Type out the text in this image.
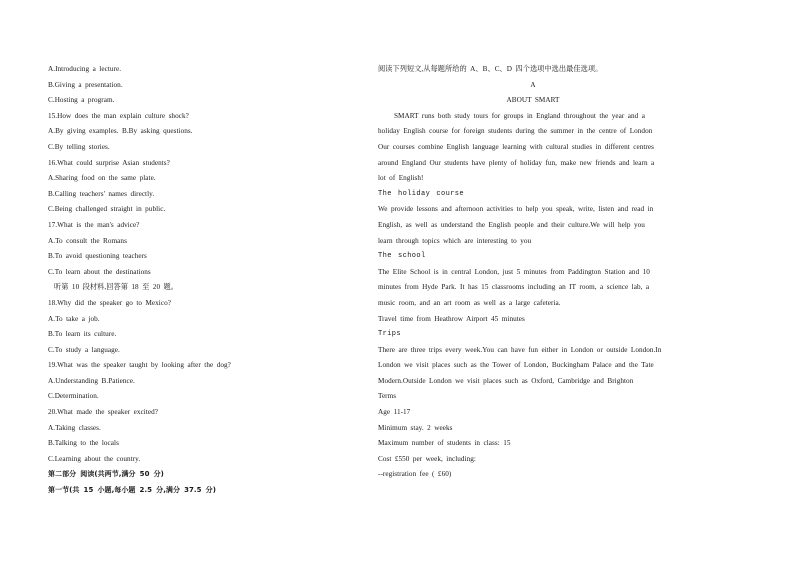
A.Introducing a lecture.
B.Giving a presentation.
C.Hosting a program.
15.How does the man explain culture shock?
A.By giving examples. B.By asking questions.
C.By telling stories.
16.What could surprise Asian students?
A.Sharing food on the same plate.
B.Calling teachers' names directly.
C.Being challenged straight in public.
17.What is the man's advice?
A.To consult the Romans
B.To avoid questioning teachers
C.To learn about the destinations
听第 10 段材料,回答第 18 至 20 题。
18.Why did the speaker go to Mexico?
A.To take a job.
B.To learn its culture.
C.To study a language.
19.What was the speaker taught by looking after the dog?
A.Understanding B.Patience.
C.Determination.
20.What made the speaker excited?
A.Taking classes.
B.Talking to the locals
C.Learning about the country.
第二部分 阅读(共两节,满分 50 分)
第一节(共 15 小题,每小题 2.5 分,满分 37.5 分)
阅读下列短文,从每题所给的 A、B、C、D 四个选项中选出最佳选项。
A
ABOUT SMART
SMART runs both study tours for groups in England throughout the year and a
holiday English course for foreign students during the summer in the centre of London
Our courses combine English language learning with cultural studies in different centres
around England Our students have plenty of holiday fun, make new friends and learn a
lot of English!
The holiday course
We provide lessons and afternoon activities to help you speak, write, listen and read in
English, as well as understand the English people and their culture.We will help you
learn through topics which are interesting to you
The school
The Elite School is in central London, just 5 minutes from Paddington Station and 10
minutes from Hyde Park. It has 15 classrooms including an IT room, a science lab, a
music room, and an art room as well as a large cafeteria.
Travel time from Heathrow Airport 45 minutes
Trips
There are three trips every week.You can have fun either in London or outside London.In
London we visit places such as the Tower of London, Buckingham Palace and the Tate
Modern.Outside London we visit places such as Oxford, Cambridge and Brighton
Terms
Age 11-17
Minimum stay. 2 weeks
Maximum number of students in class: 15
Cost £550 per week, including:
--registration fee ( £60)
